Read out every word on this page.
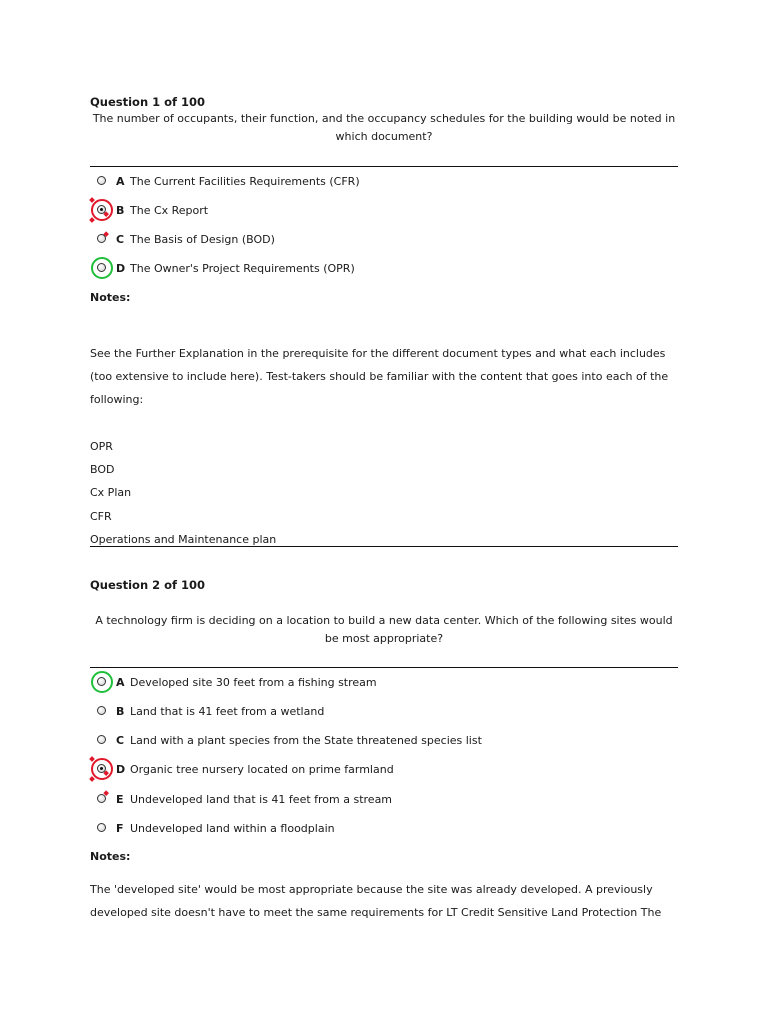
Question 1 of 100
The number of occupants, their function, and the occupancy schedules for the building would be noted in which document?
A The Current Facilities Requirements (CFR)
B The Cx Report
C The Basis of Design (BOD)
D The Owner's Project Requirements (OPR)
Notes:
See the Further Explanation in the prerequisite for the different document types and what each includes (too extensive to include here). Test-takers should be familiar with the content that goes into each of the following:
OPR
BOD
Cx Plan
CFR
Operations and Maintenance plan
Question 2 of 100
A technology firm is deciding on a location to build a new data center. Which of the following sites would be most appropriate?
A Developed site 30 feet from a fishing stream
B Land that is 41 feet from a wetland
C Land with a plant species from the State threatened species list
D Organic tree nursery located on prime farmland
E Undeveloped land that is 41 feet from a stream
F Undeveloped land within a floodplain
Notes:
The 'developed site' would be most appropriate because the site was already developed. A previously developed site doesn't have to meet the same requirements for LT Credit Sensitive Land Protection The
